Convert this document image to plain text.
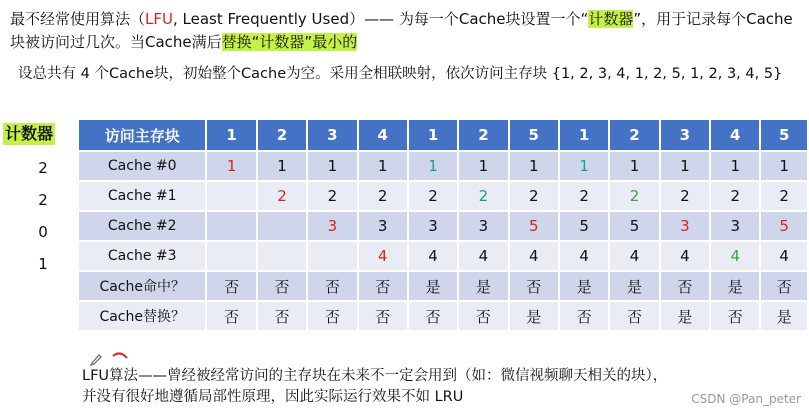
最不经常使用算法（LFU, Least Frequently Used）—— 为每一个Cache块设置一个“计数器”，用于记录每个Cache块被访问过几次。当Cache满后替换“计数器”最小的
设总共有 4 个Cache块，初始整个Cache为空。采用全相联映射，依次访问主存块 {1, 2, 3, 4, 1, 2, 5, 1, 2, 3, 4, 5}
计数器
2
2
0
1
访问主存块	1	2	3	4	1	2	5	1	2	3	4	5
Cache #0	1	1	1	1	1	1	1	1	1	1	1	1
Cache #1		2	2	2	2	2	2	2	2	2	2	2
Cache #2			3	3	3	3	5	5	5	3	3	5
Cache #3				4	4	4	4	4	4	4	4	4
Cache命中？	否	否	否	否	是	是	否	是	是	否	是	否
Cache替换？	否	否	否	否	否	否	是	否	否	是	否	是
LFU算法——曾经被经常访问的主存块在未来不一定会用到（如：微信视频聊天相关的块），
并没有很好地遵循局部性原理，因此实际运行效果不如 LRU	CSDN @Pan_peter
